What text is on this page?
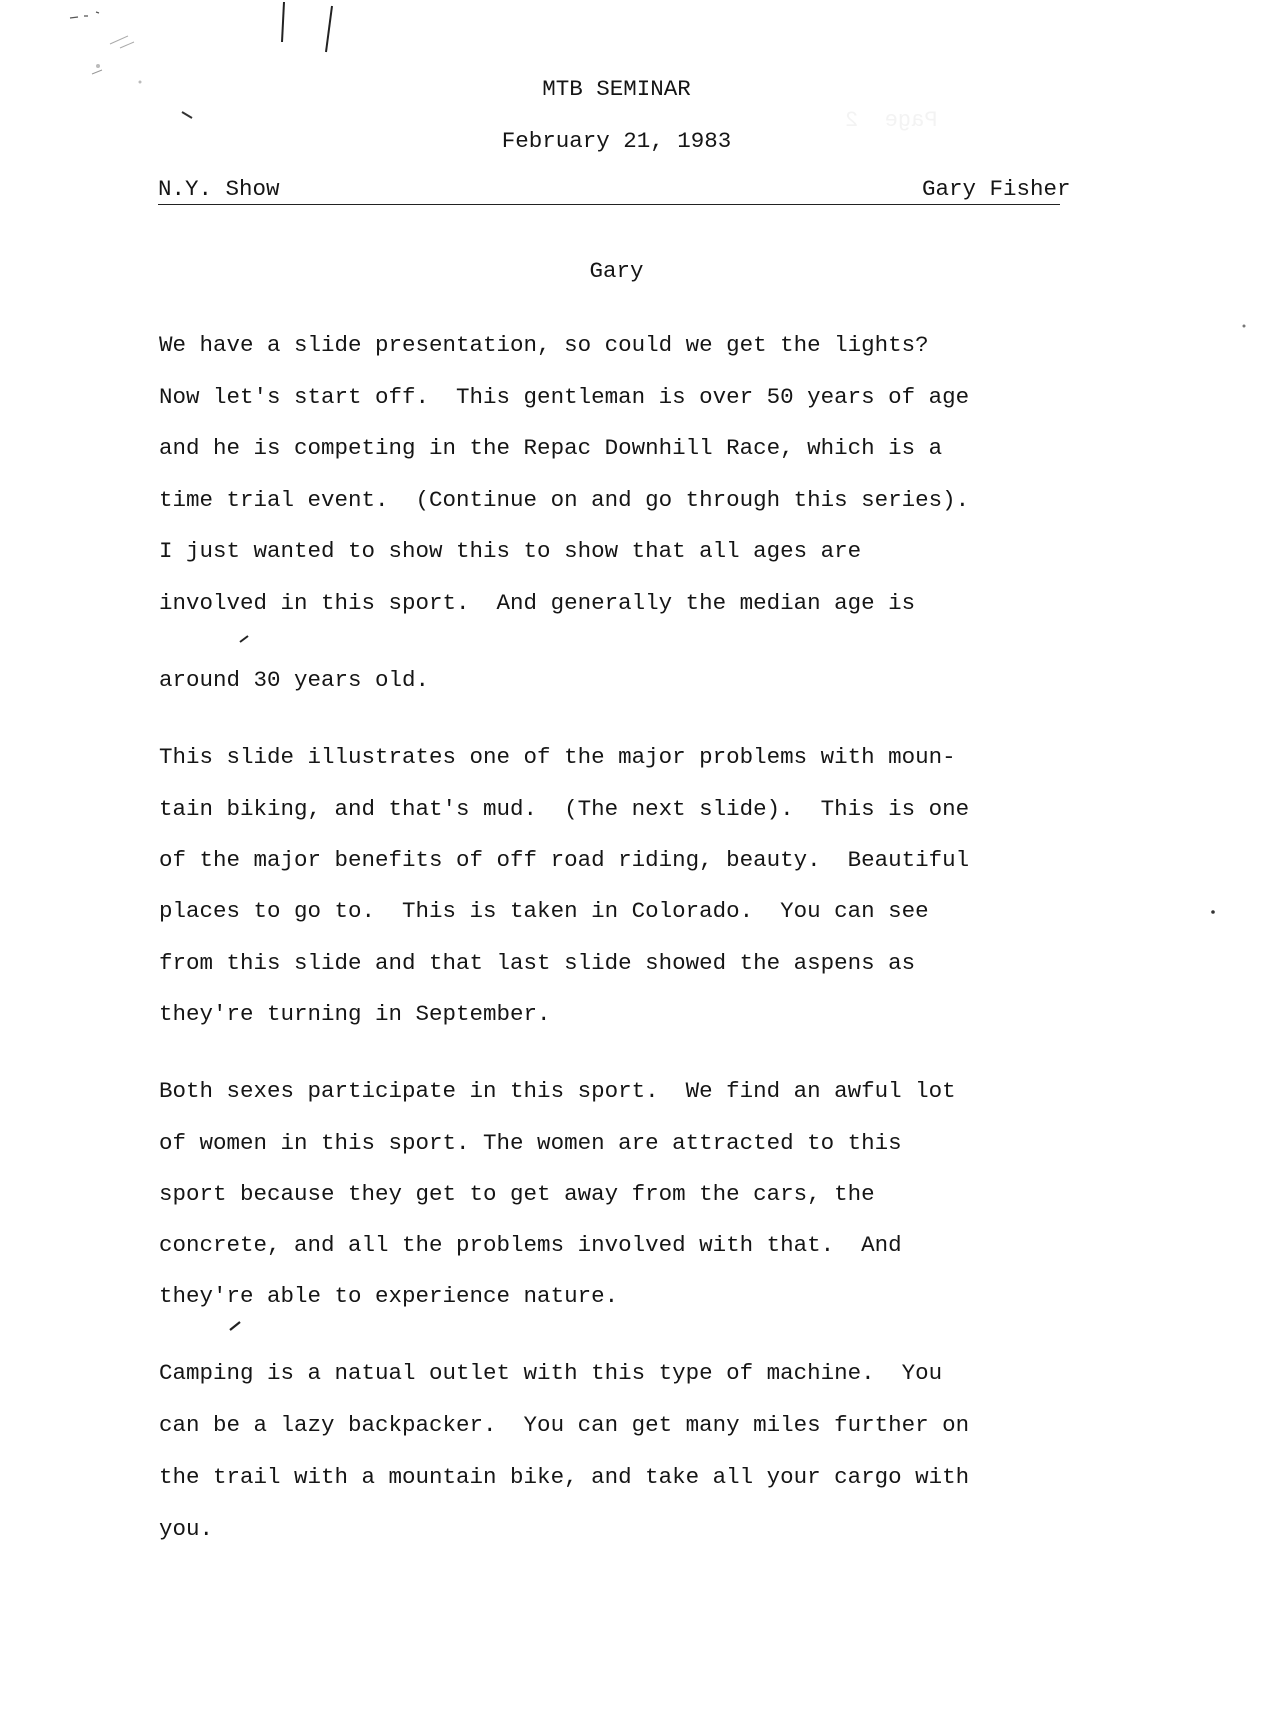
Page  2
MTB SEMINAR
February 21, 1983
N.Y. Show	Gary Fisher
Gary
We have a slide presentation, so could we get the lights?
Now let's start off.  This gentleman is over 50 years of age
and he is competing in the Repac Downhill Race, which is a
time trial event.  (Continue on and go through this series).
I just wanted to show this to show that all ages are
involved in this sport.  And generally the median age is
around 30 years old.
This slide illustrates one of the major problems with moun-
tain biking, and that's mud.  (The next slide).  This is one
of the major benefits of off road riding, beauty.  Beautiful
places to go to.  This is taken in Colorado.  You can see
from this slide and that last slide showed the aspens as
they're turning in September.
Both sexes participate in this sport.  We find an awful lot
of women in this sport. The women are attracted to this
sport because they get to get away from the cars, the
concrete, and all the problems involved with that.  And
they're able to experience nature.
Camping is a natual outlet with this type of machine.  You
can be a lazy backpacker.  You can get many miles further on
the trail with a mountain bike, and take all your cargo with
you.
